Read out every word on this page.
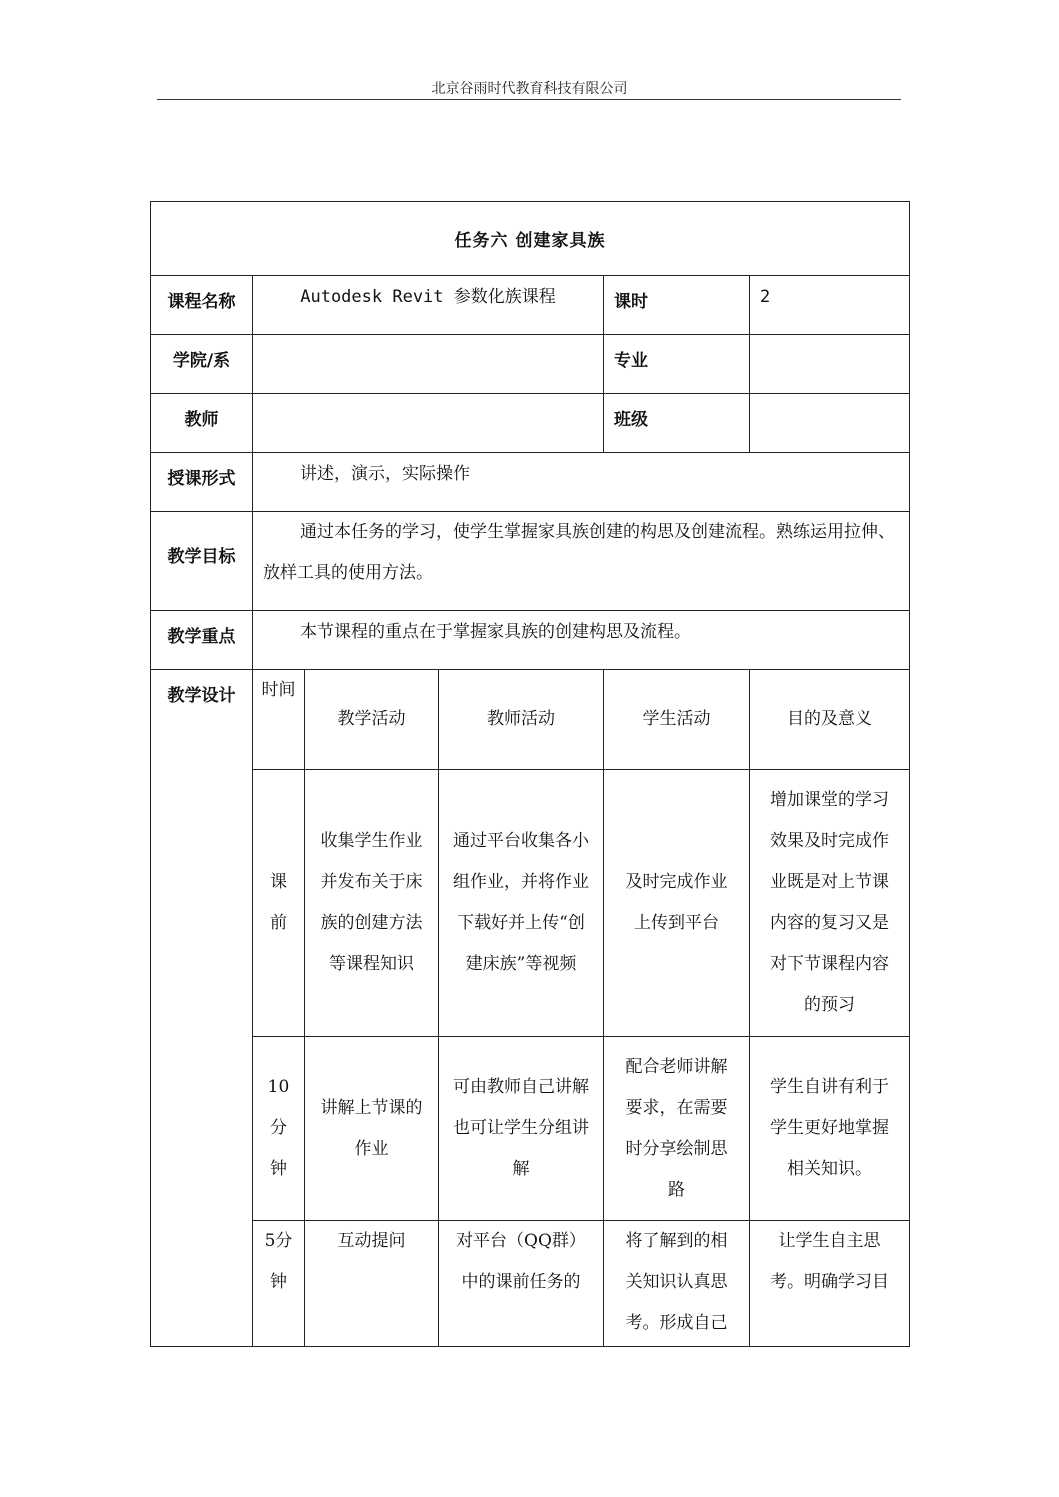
北京谷雨时代教育科技有限公司
任务六 创建家具族					
课程名称	Autodesk Revit 参数化族课程			课时	2
学院/系				专业	
教师				班级	
授课形式	讲述，演示，实际操作				
教学目标	通过本任务的学习，使学生掌握家具族创建的构思及创建流程。熟练运用拉伸、放样工具的使用方法。				
教学重点	本节课程的重点在于掌握家具族的创建构思及流程。				
教学设计	时间	教学活动	教师活动	学生活动	目的及意义
	课前	收集学生作业并发布关于床族的创建方法等课程知识	通过平台收集各小组作业，并将作业下载好并上传“创建床族”等视频	及时完成作业上传到平台	增加课堂的学习效果及时完成作业既是对上节课内容的复习又是对下节课程内容的预习
	10分钟	讲解上节课的作业	可由教师自己讲解也可让学生分组讲解	配合老师讲解要求，在需要时分享绘制思路	学生自讲有利于学生更好地掌握相关知识。
	5分钟	互动提问	对平台（QQ群）中的课前任务的	将了解到的相关知识认真思考。形成自己	让学生自主思考。明确学习目
